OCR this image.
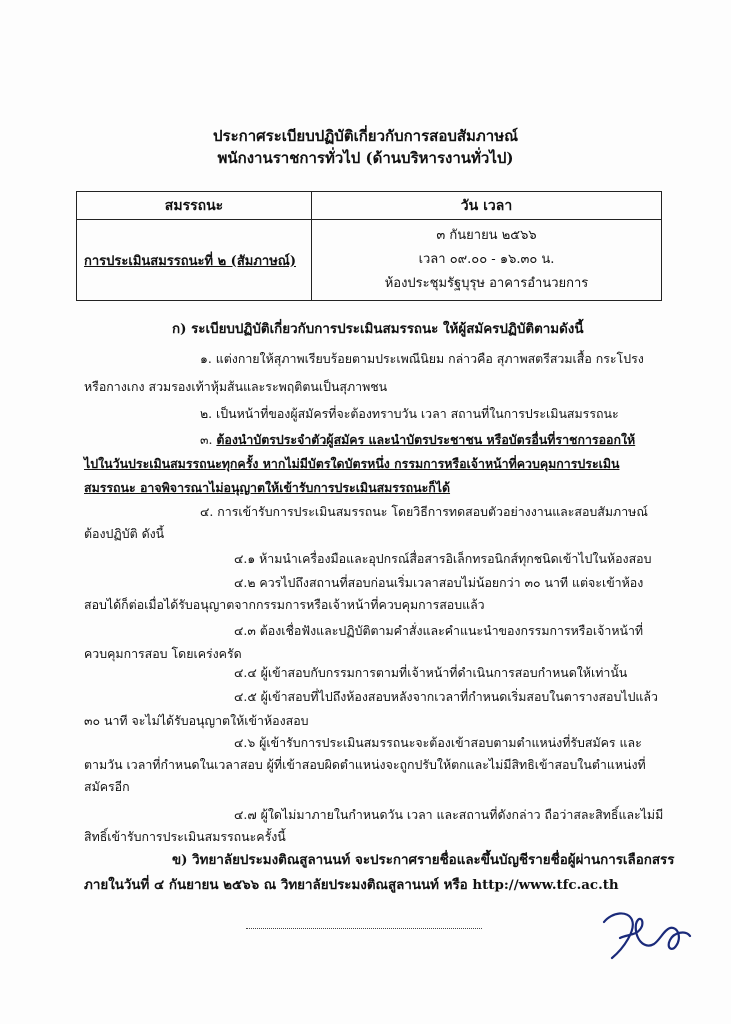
ประกาศระเบียบปฏิบัติเกี่ยวกับการสอบสัมภาษณ์
พนักงานราชการทั่วไป (ด้านบริหารงานทั่วไป)
สมรรถนะ	วัน เวลา
การประเมินสมรรถนะที่ ๒ (สัมภาษณ์)	๓ กันยายน ๒๕๖๖
เวลา ๐๙.๐๐ - ๑๖.๓๐ น.
ห้องประชุมรัฐบุรุษ อาคารอำนวยการ
ก) ระเบียบปฏิบัติเกี่ยวกับการประเมินสมรรถนะ ให้ผู้สมัครปฏิบัติตามดังนี้
๑. แต่งกายให้สุภาพเรียบร้อยตามประเพณีนิยม กล่าวคือ สุภาพสตรีสวมเสื้อ กระโปรง
หรือกางเกง สวมรองเท้าหุ้มส้นและระพฤติตนเป็นสุภาพชน
๒. เป็นหน้าที่ของผู้สมัครที่จะต้องทราบวัน เวลา สถานที่ในการประเมินสมรรถนะ
๓. ต้องนำบัตรประจำตัวผู้สมัคร และนำบัตรประชาชน หรือบัตรอื่นที่ราชการออกให้
ไปในวันประเมินสมรรถนะทุกครั้ง หากไม่มีบัตรใดบัตรหนึ่ง กรรมการหรือเจ้าหน้าที่ควบคุมการประเมิน
สมรรถนะ อาจพิจารณาไม่อนุญาตให้เข้ารับการประเมินสมรรถนะก็ได้
๔. การเข้ารับการประเมินสมรรถนะ โดยวิธีการทดสอบตัวอย่างงานและสอบสัมภาษณ์
ต้องปฏิบัติ ดังนี้
๔.๑ ห้ามนำเครื่องมือและอุปกรณ์สื่อสารอิเล็กทรอนิกส์ทุกชนิดเข้าไปในห้องสอบ
๔.๒ ควรไปถึงสถานที่สอบก่อนเริ่มเวลาสอบไม่น้อยกว่า ๓๐ นาที แต่จะเข้าห้อง
สอบได้ก็ต่อเมื่อได้รับอนุญาตจากกรรมการหรือเจ้าหน้าที่ควบคุมการสอบแล้ว
๔.๓ ต้องเชื่อฟังและปฏิบัติตามคำสั่งและคำแนะนำของกรรมการหรือเจ้าหน้าที่
ควบคุมการสอบ โดยเคร่งครัด
๔.๔ ผู้เข้าสอบกับกรรมการตามที่เจ้าหน้าที่ดำเนินการสอบกำหนดให้เท่านั้น
๔.๕ ผู้เข้าสอบที่ไปถึงห้องสอบหลังจากเวลาที่กำหนดเริ่มสอบในตารางสอบไปแล้ว
๓๐ นาที จะไม่ได้รับอนุญาตให้เข้าห้องสอบ
๔.๖ ผู้เข้ารับการประเมินสมรรถนะจะต้องเข้าสอบตามตำแหน่งที่รับสมัคร และ
ตามวัน เวลาที่กำหนดในเวลาสอบ ผู้ที่เข้าสอบผิดตำแหน่งจะถูกปรับให้ตกและไม่มีสิทธิเข้าสอบในตำแหน่งที่
สมัครอีก
๔.๗ ผู้ใดไม่มาภายในกำหนดวัน เวลา และสถานที่ดังกล่าว ถือว่าสละสิทธิ์และไม่มี
สิทธิ์เข้ารับการประเมินสมรรถนะครั้งนี้
ข) วิทยาลัยประมงติณสูลานนท์ จะประกาศรายชื่อและขึ้นบัญชีรายชื่อผู้ผ่านการเลือกสรร
ภายในวันที่ ๔ กันยายน ๒๕๖๖ ณ วิทยาลัยประมงติณสูลานนท์ หรือ http://www.tfc.ac.th
